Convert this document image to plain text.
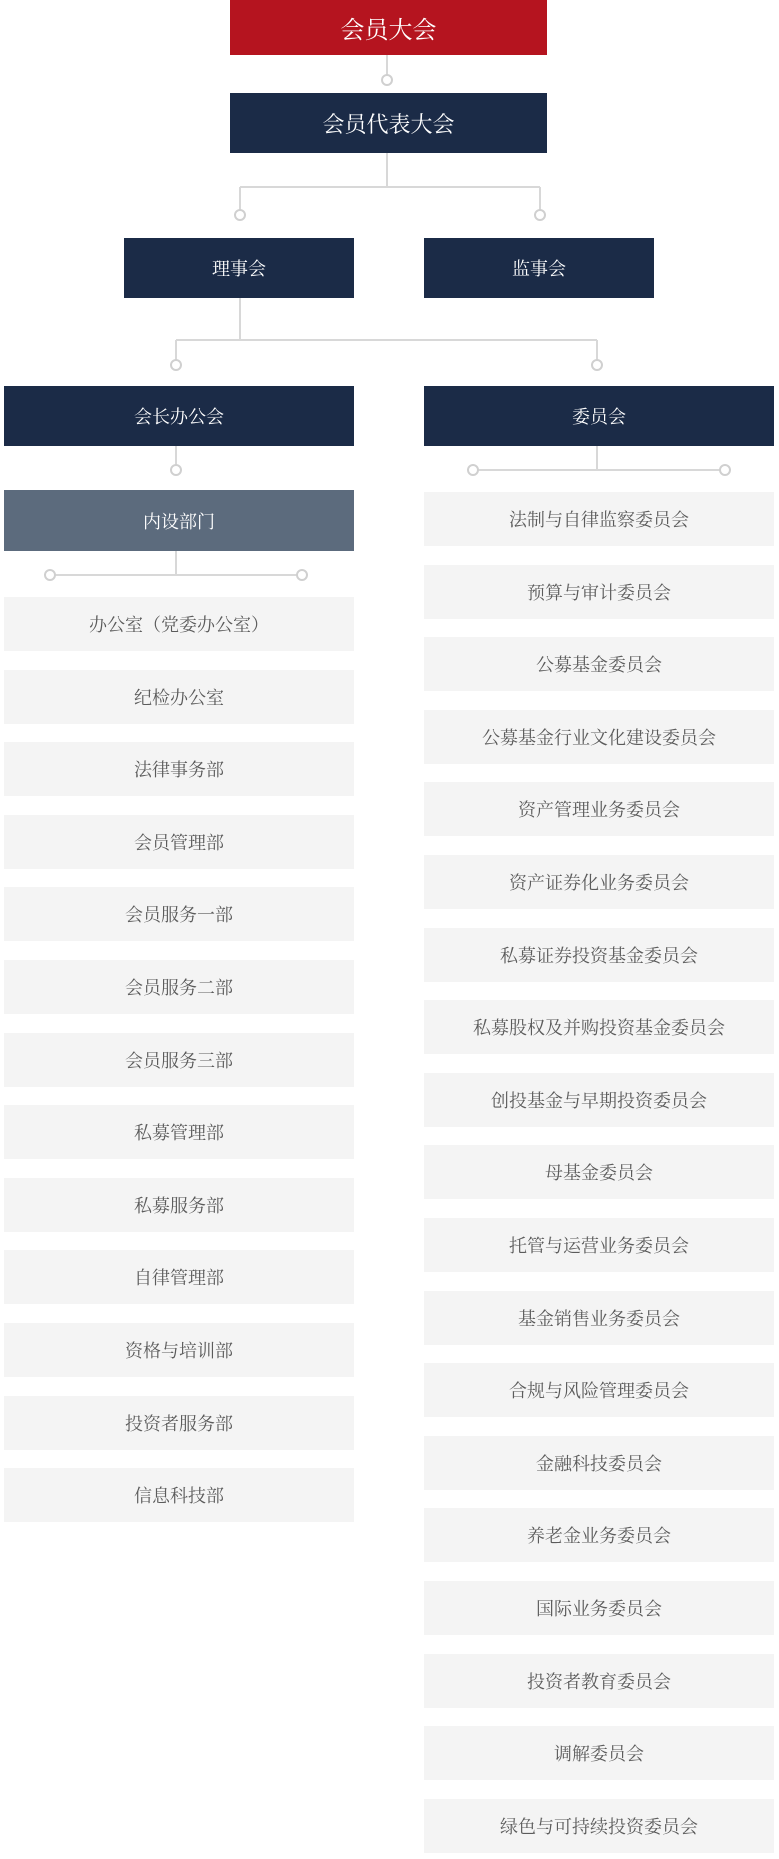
会员大会
会员代表大会
理事会	监事会
会长办公会	委员会
内设部门
办公室（党委办公室）
纪检办公室
法律事务部
会员管理部
会员服务一部
会员服务二部
会员服务三部
私募管理部
私募服务部
自律管理部
资格与培训部
投资者服务部
信息科技部
法制与自律监察委员会
预算与审计委员会
公募基金委员会
公募基金行业文化建设委员会
资产管理业务委员会
资产证券化业务委员会
私募证券投资基金委员会
私募股权及并购投资基金委员会
创投基金与早期投资委员会
母基金委员会
托管与运营业务委员会
基金销售业务委员会
合规与风险管理委员会
金融科技委员会
养老金业务委员会
国际业务委员会
投资者教育委员会
调解委员会
绿色与可持续投资委员会
